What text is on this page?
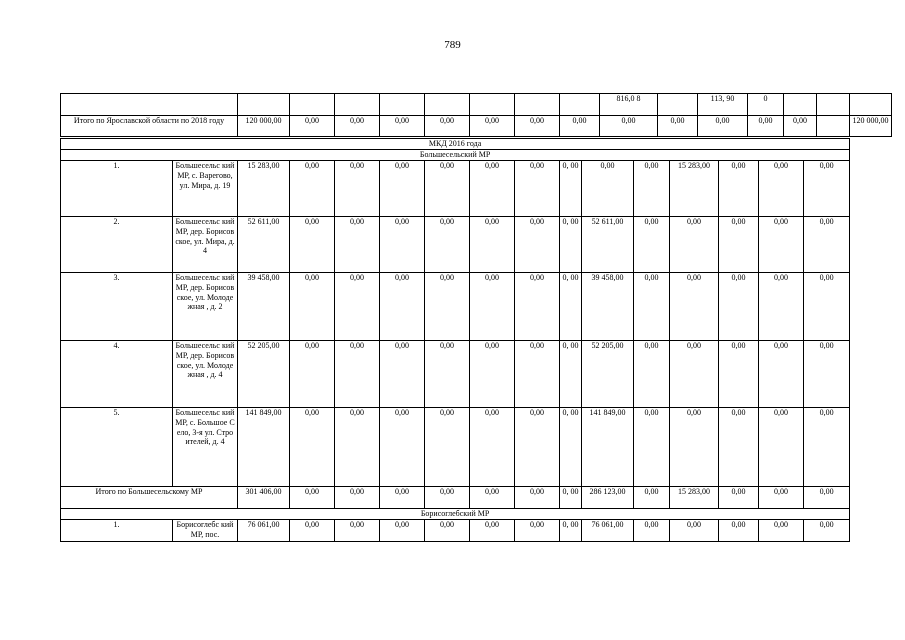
789
									816,0 8		113, 90	0			
Итого по Ярославской области по 2018 году	120 000,00	0,00	0,00	0,00	0,00	0,00	0,00	0,00	0,00	0,00	0,00	0,00	0,00		120 000,00
МКД 2016 года															
Большесельский МР															
1.	Большесельс кий МР, с. Варегово, ул. Мира, д. 19	15 283,00	0,00	0,00	0,00	0,00	0,00	0,00	0, 00	0,00	0,00	15 283,00	0,00	0,00	0,00
2.	Большесельс кий МР, дер. Борисовское, ул. Мира, д. 4	52 611,00	0,00	0,00	0,00	0,00	0,00	0,00	0, 00	52 611,00	0,00	0,00	0,00	0,00	0,00
3.	Большесельс кий МР, дер. Борисовское, ул. Молодежная , д. 2	39 458,00	0,00	0,00	0,00	0,00	0,00	0,00	0, 00	39 458,00	0,00	0,00	0,00	0,00	0,00
4.	Большесельс кий МР, дер. Борисовское, ул. Молодежная , д. 4	52 205,00	0,00	0,00	0,00	0,00	0,00	0,00	0, 00	52 205,00	0,00	0,00	0,00	0,00	0,00
5.	Большесельс кий МР, с. Большое Село, 3-я ул. Строителей, д. 4	141 849,00	0,00	0,00	0,00	0,00	0,00	0,00	0, 00	141 849,00	0,00	0,00	0,00	0,00	0,00
Итого по Большесельскому МР		301 406,00	0,00	0,00	0,00	0,00	0,00	0,00	0, 00	286 123,00	0,00	15 283,00	0,00	0,00	0,00
Борисоглебский МР															
1.	Борисоглебс кий МР, пос.	76 061,00	0,00	0,00	0,00	0,00	0,00	0,00	0, 00	76 061,00	0,00	0,00	0,00	0,00	0,00
